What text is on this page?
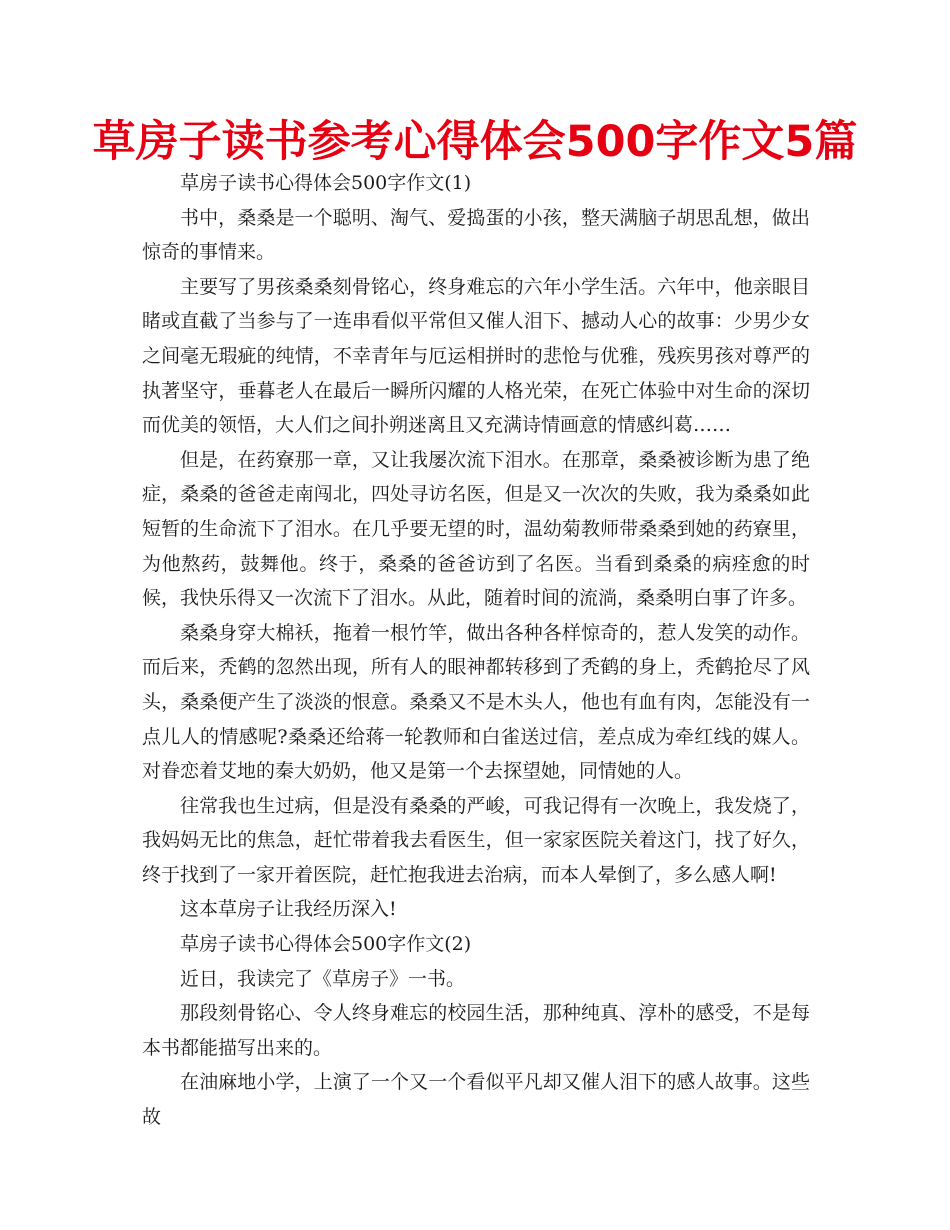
草房子读书参考心得体会500字作文5篇

草房子读书心得体会500字作文(1)

书中，桑桑是一个聪明、淘气、爱捣蛋的小孩，整天满脑子胡思乱想，做出惊奇的事情来。

主要写了男孩桑桑刻骨铭心，终身难忘的六年小学生活。六年中，他亲眼目睹或直截了当参与了一连串看似平常但又催人泪下、撼动人心的故事：少男少女之间毫无瑕疵的纯情，不幸青年与厄运相拼时的悲怆与优雅，残疾男孩对尊严的执著坚守，垂暮老人在最后一瞬所闪耀的人格光荣，在死亡体验中对生命的深切而优美的领悟，大人们之间扑朔迷离且又充满诗情画意的情感纠葛……

但是，在药寮那一章，又让我屡次流下泪水。在那章，桑桑被诊断为患了绝症，桑桑的爸爸走南闯北，四处寻访名医，但是又一次次的失败，我为桑桑如此短暂的生命流下了泪水。在几乎要无望的时，温幼菊教师带桑桑到她的药寮里，为他熬药，鼓舞他。终于，桑桑的爸爸访到了名医。当看到桑桑的病痊愈的时候，我快乐得又一次流下了泪水。从此，随着时间的流淌，桑桑明白事了许多。

桑桑身穿大棉袄，拖着一根竹竿，做出各种各样惊奇的，惹人发笑的动作。而后来，秃鹤的忽然出现，所有人的眼神都转移到了秃鹤的身上，秃鹤抢尽了风头，桑桑便产生了淡淡的恨意。桑桑又不是木头人，他也有血有肉，怎能没有一点儿人的情感呢?桑桑还给蒋一轮教师和白雀送过信，差点成为牵红线的媒人。对眷恋着艾地的秦大奶奶，他又是第一个去探望她，同情她的人。

往常我也生过病，但是没有桑桑的严峻，可我记得有一次晚上，我发烧了，我妈妈无比的焦急，赶忙带着我去看医生，但一家家医院关着这门，找了好久，终于找到了一家开着医院，赶忙抱我进去治病，而本人晕倒了，多么感人啊!

这本草房子让我经历深入!

草房子读书心得体会500字作文(2)

近日，我读完了《草房子》一书。

那段刻骨铭心、令人终身难忘的校园生活，那种纯真、淳朴的感受，不是每本书都能描写出来的。

在油麻地小学，上演了一个又一个看似平凡却又催人泪下的感人故事。这些故
